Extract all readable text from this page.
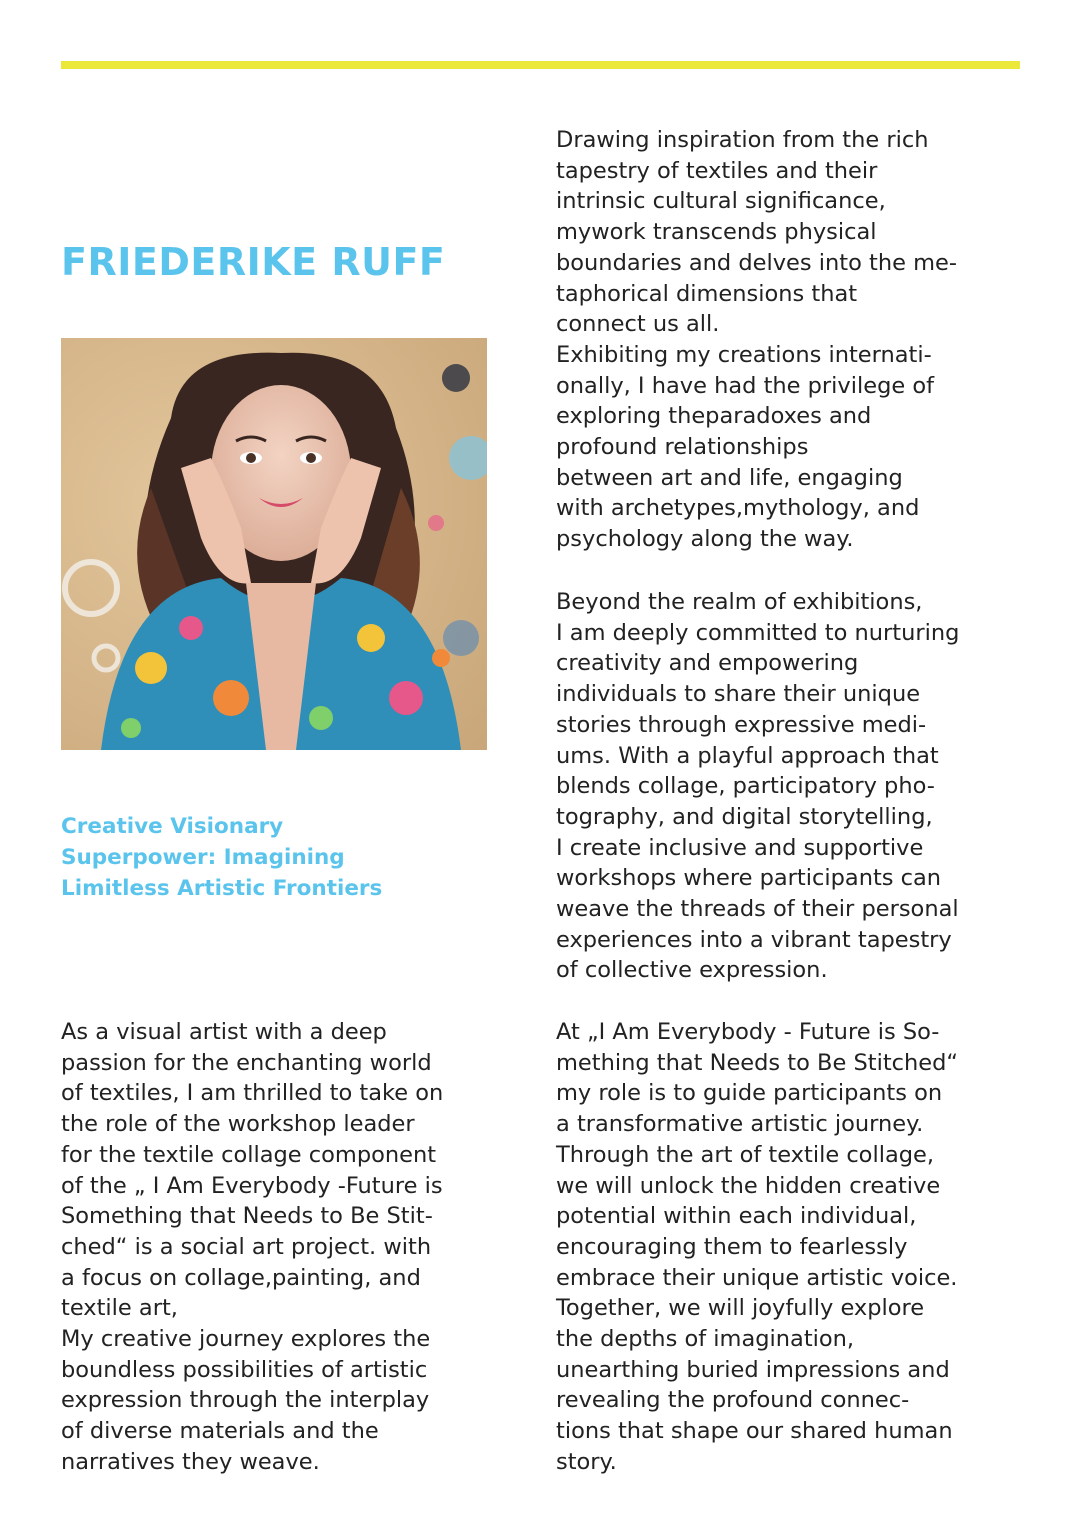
FRIEDERIKE RUFF
Creative Visionary
Superpower: Imagining
Limitless Artistic Frontiers
As a visual artist with a deep
passion for the enchanting world
of textiles, I am thrilled to take on
the role of the workshop leader
for the textile collage component
of the „ I Am Everybody -Future is
Something that Needs to Be Stit-
ched“ is a social art project. with
a focus on collage,painting, and
textile art,
My creative journey explores the
boundless possibilities of artistic
expression through the interplay
of diverse materials and the
narratives they weave.
Drawing inspiration from the rich
tapestry of textiles and their
intrinsic cultural significance,
mywork transcends physical
boundaries and delves into the me-
taphorical dimensions that
connect us all.
Exhibiting my creations internati-
onally, I have had the privilege of
exploring theparadoxes and
profound relationships
between art and life, engaging
with archetypes,mythology, and
psychology along the way.
Beyond the realm of exhibitions,
I am deeply committed to nurturing
creativity and empowering
individuals to share their unique
stories through expressive medi-
ums. With a playful approach that
blends collage, participatory pho-
tography, and digital storytelling,
I create inclusive and supportive
workshops where participants can
weave the threads of their personal
experiences into a vibrant tapestry
of collective expression.
At „I Am Everybody - Future is So-
mething that Needs to Be Stitched“
my role is to guide participants on
a transformative artistic journey.
Through the art of textile collage,
we will unlock the hidden creative
potential within each individual,
encouraging them to fearlessly
embrace their unique artistic voice.
Together, we will joyfully explore
the depths of imagination,
unearthing buried impressions and
revealing the profound connec-
tions that shape our shared human
story.
